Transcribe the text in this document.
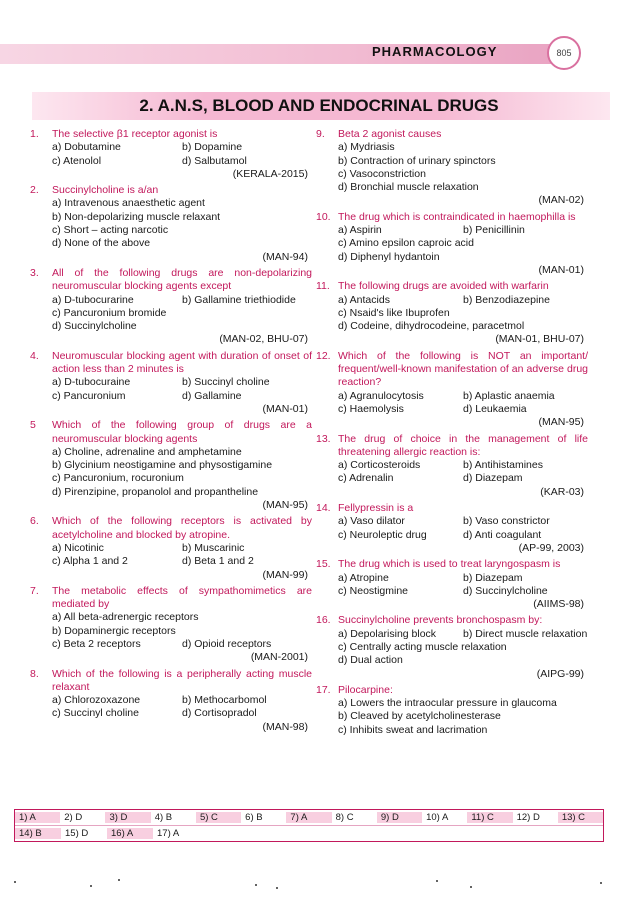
PHARMACOLOGY	805
2. A.N.S, BLOOD AND ENDOCRINAL DRUGS
1.	The selective β1 receptor agonist is
a) Dobutamine	b) Dopamine
c) Atenolol	d) Salbutamol
(KERALA-2015)
2.	Succinylcholine is a/an
a) Intravenous anaesthetic agent
b) Non-depolarizing muscle relaxant
c) Short – acting narcotic
d) None of the above
(MAN-94)
3.	All of the following drugs are non-depolarizing neuromuscular blocking agents except
a) D-tubocurarine	b) Gallamine triethiodide
c) Pancuronium bromide
d) Succinylcholine
(MAN-02, BHU-07)
4.	Neuromuscular blocking agent with duration of onset of action less than 2 minutes is
a) D-tubocuraine	b) Succinyl choline
c) Pancuronium	d) Gallamine
(MAN-01)
5	Which of the following group of drugs are a neuromuscular blocking agents
a) Choline, adrenaline and amphetamine
b) Glycinium neostigamine and physostigamine
c) Pancuronium, rocuronium
d) Pirenzipine, propanolol and propantheline
(MAN-95)
6.	Which of the following receptors is activated by acetylcholine and blocked by atropine.
a) Nicotinic	b) Muscarinic
c) Alpha 1 and 2	d) Beta 1 and 2
(MAN-99)
7.	The metabolic effects of sympathomimetics are mediated by
a) All beta-adrenergic receptors
b) Dopaminergic receptors
c) Beta 2 receptors	d) Opioid receptors
(MAN-2001)
8.	Which of the following is a peripherally acting muscle relaxant
a) Chlorozoxazone	b) Methocarbomol
c) Succinyl choline	d) Cortisopradol
(MAN-98)
9.	Beta 2 agonist causes
a) Mydriasis
b) Contraction of urinary spinctors
c) Vasoconstriction
d) Bronchial muscle relaxation
(MAN-02)
10. The drug which is contraindicated in haemophilla is
a) Aspirin	b) Penicillinin
c) Amino epsilon caproic acid
d) Diphenyl hydantoin
(MAN-01)
11. The following drugs are avoided with warfarin
a) Antacids	b) Benzodiazepine
c) Nsaid's like Ibuprofen
d) Codeine, dihydrocodeine, paracetmol
(MAN-01, BHU-07)
12. Which of the following is NOT an important/ frequent/well-known manifestation of an adverse drug reaction?
a) Agranulocytosis	b) Aplastic anaemia
c) Haemolysis	d) Leukaemia
(MAN-95)
13. The drug of choice in the management of life threatening allergic reaction is:
a) Corticosteroids	b) Antihistamines
c) Adrenalin	d) Diazepam
(KAR-03)
14. Fellypressin is a
a) Vaso dilator	b) Vaso constrictor
c) Neuroleptic drug	d) Anti coagulant
(AP-99, 2003)
15. The drug which is used to treat laryngospasm is
a) Atropine	b) Diazepam
c) Neostigmine	d) Succinylcholine
(AIIMS-98)
16. Succinylcholine prevents bronchospasm by:
a) Depolarising block	b) Direct muscle relaxation
c) Centrally acting muscle relaxation
d) Dual action
(AIPG-99)
17. Pilocarpine:
a) Lowers the intraocular pressure in glaucoma
b) Cleaved by acetylcholinesterase
c) Inhibits sweat and lacrimation
1) A	2) D	3) D	4) B	5) C	6) B	7) A	8) C	9) D	10) A	11) C	12) D	13) C
14) B	15) D	16) A	17) A
